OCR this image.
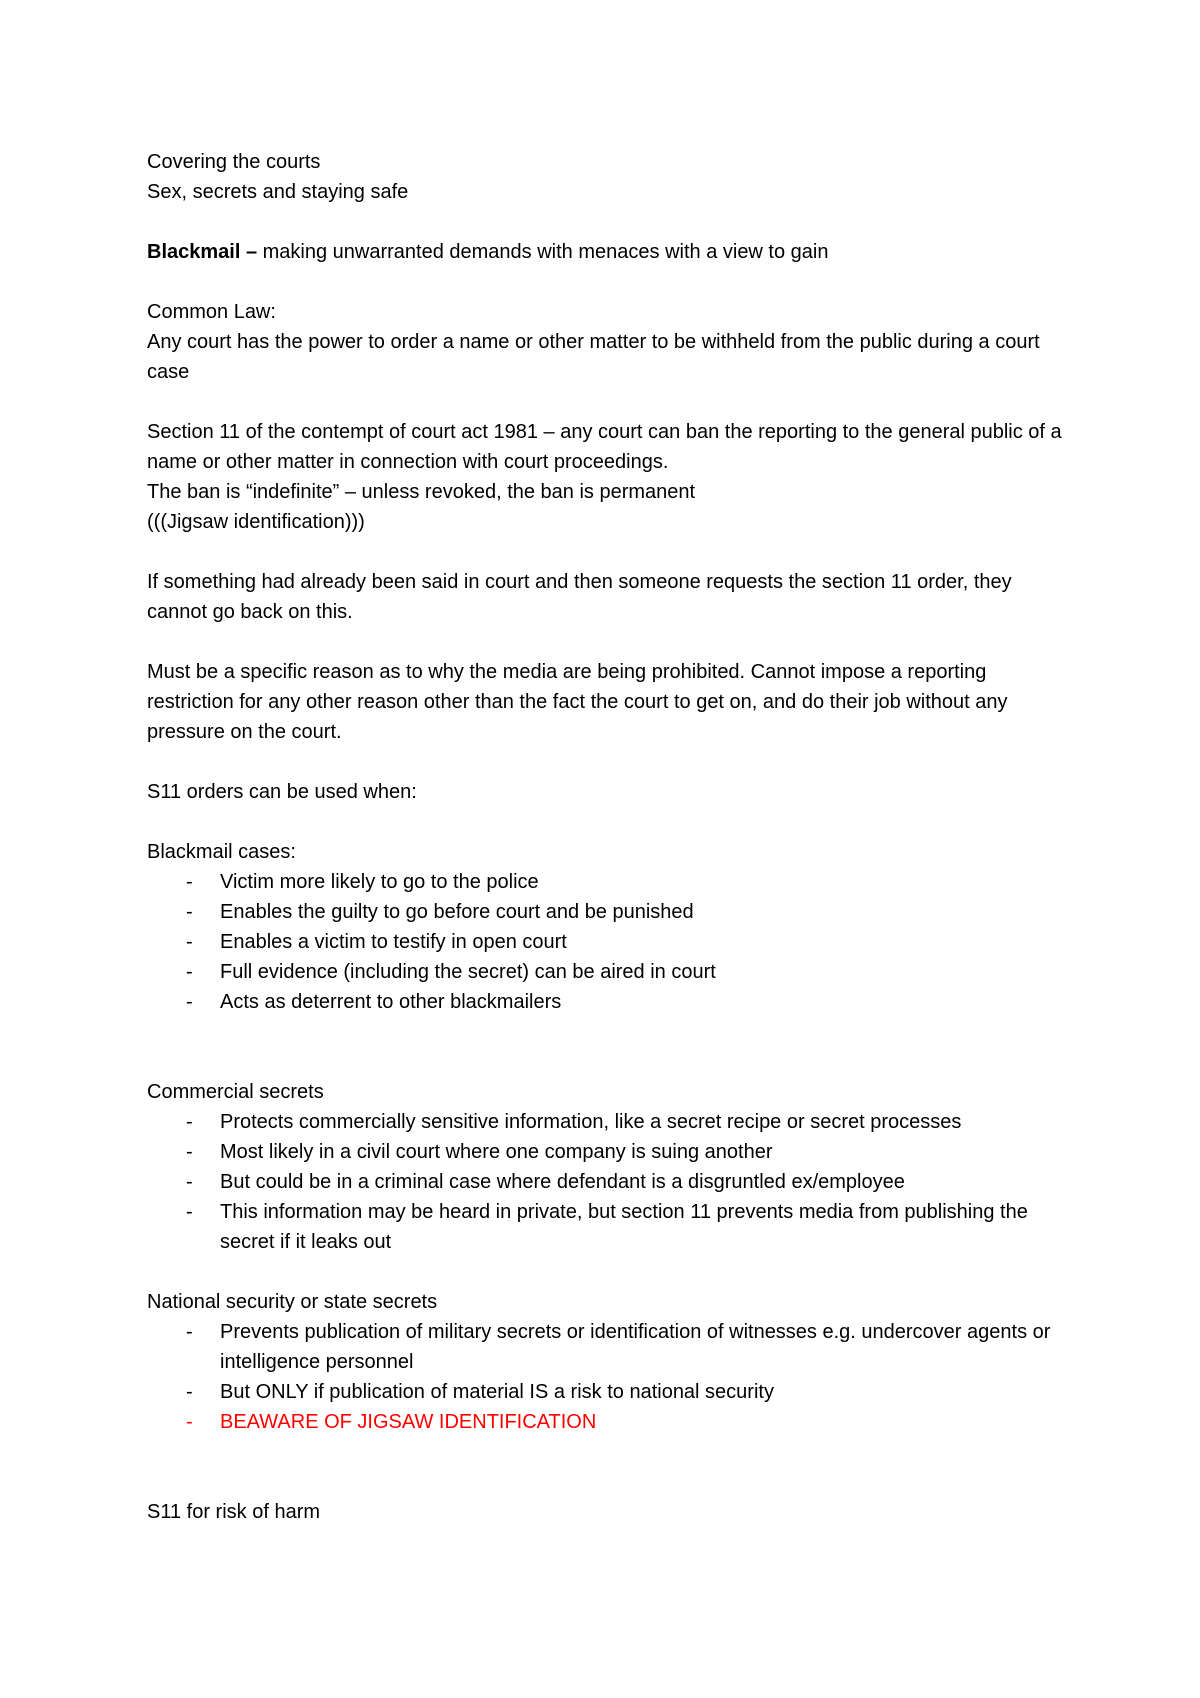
Covering the courts

Sex, secrets and staying safe

Blackmail – making unwarranted demands with menaces with a view to gain

Common Law:

Any court has the power to order a name or other matter to be withheld from the public during a court case

Section 11 of the contempt of court act 1981 – any court can ban the reporting to the general public of a name or other matter in connection with court proceedings.

The ban is “indefinite” – unless revoked, the ban is permanent

(((Jigsaw identification)))

If something had already been said in court and then someone requests the section 11 order, they cannot go back on this.

Must be a specific reason as to why the media are being prohibited. Cannot impose a reporting restriction for any other reason other than the fact the court to get on, and do their job without any pressure on the court.

S11 orders can be used when:

Blackmail cases:

- Victim more likely to go to the police
- Enables the guilty to go before court and be punished
- Enables a victim to testify in open court
- Full evidence (including the secret) can be aired in court
- Acts as deterrent to other blackmailers

Commercial secrets

- Protects commercially sensitive information, like a secret recipe or secret processes
- Most likely in a civil court where one company is suing another
- But could be in a criminal case where defendant is a disgruntled ex/employee
- This information may be heard in private, but section 11 prevents media from publishing the secret if it leaks out

National security or state secrets

- Prevents publication of military secrets or identification of witnesses e.g. undercover agents or intelligence personnel
- But ONLY if publication of material IS a risk to national security
- BEAWARE OF JIGSAW IDENTIFICATION

S11 for risk of harm
